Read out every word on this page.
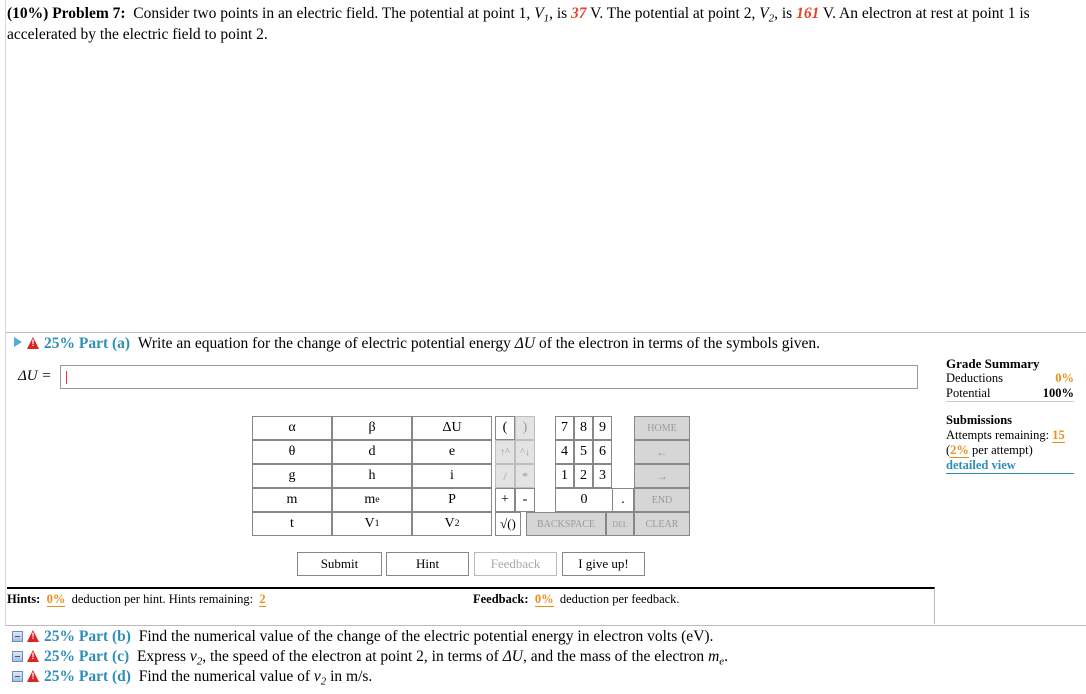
(10%) Problem 7: Consider two points in an electric field. The potential at point 1, $V_1$, is 37 V. The potential at point 2, $V_2$, is 161 V. An electron at rest at point 1 is accelerated by the electric field to point 2.
!25% Part (a) Write an equation for the change of electric potential energy ΔU of the electron in terms of the symbols given.
ΔU =
Grade Summary
Deductions	0%
Potential	100%
Submissions
Attempts remaining: 15
(2% per attempt)
detailed view
α	β	ΔU
θ	d	e
g	h	i
m	m e	P
t	V 1	V 2
( )
↑^ ^↓
/ *
+ -
√()
7 8 9
4 5 6
1 2 3
0 .
HOME
←
→
END
BACKSPACE DEL CLEAR
Submit	Hint	Feedback	I give up!
Hints: 0% deduction per hint. Hints remaining: 2	Feedback: 0% deduction per feedback.
!25% Part (b) Find the numerical value of the change of the electric potential energy in electron volts (eV).
!25% Part (c) Express $v_2$, the speed of the electron at point 2, in terms of ΔU, and the mass of the electron $m_e$.
!25% Part (d) Find the numerical value of $v_2$ in m/s.
